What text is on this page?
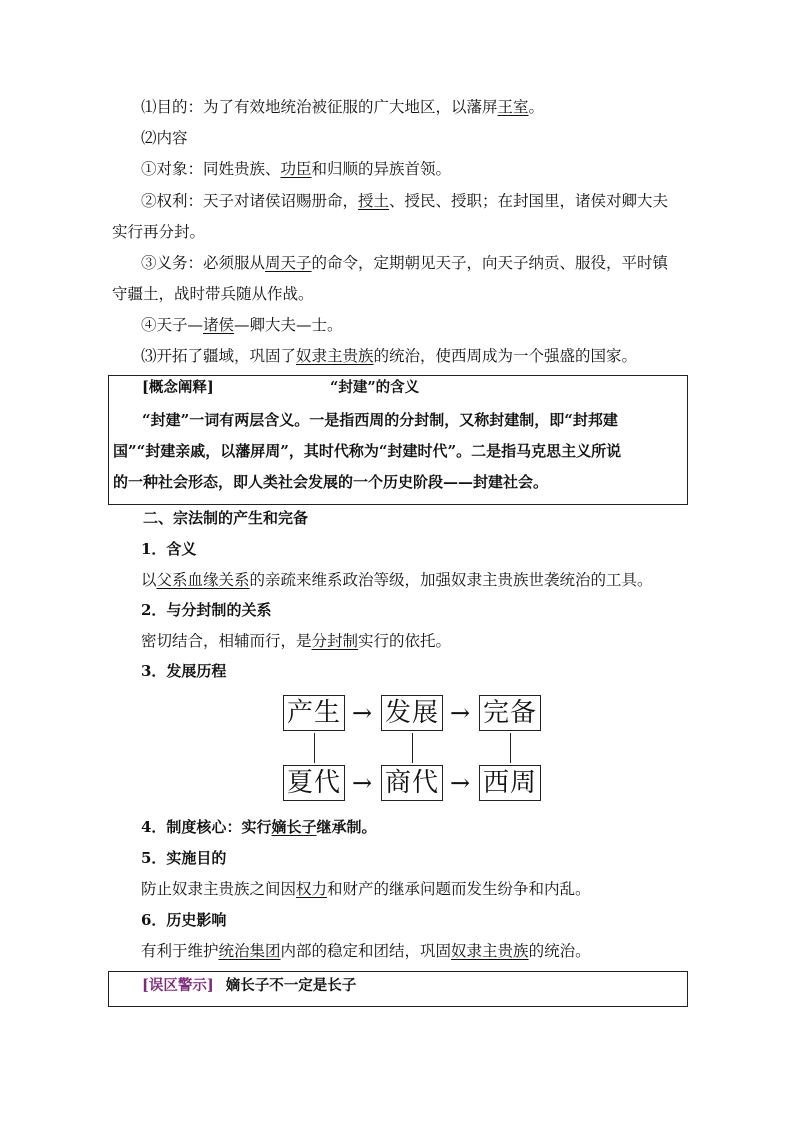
⑴目的：为了有效地统治被征服的广大地区，以藩屏王室。
⑵内容
①对象：同姓贵族、功臣和归顺的异族首领。
②权利：天子对诸侯诏赐册命，授土、授民、授职；在封国里，诸侯对卿大夫
实行再分封。
③义务：必须服从周天子的命令，定期朝见天子，向天子纳贡、服役，平时镇
守疆土，战时带兵随从作战。
④天子—诸侯—卿大夫—士。
⑶开拓了疆域，巩固了奴隶主贵族的统治，使西周成为一个强盛的国家。
[概念阐释]	“封建”的含义
“封建”一词有两层含义。一是指西周的分封制，又称封建制，即“封邦建
国”“封建亲戚，以藩屏周”，其时代称为“封建时代”。二是指马克思主义所说
的一种社会形态，即人类社会发展的一个历史阶段——封建社会。
二、宗法制的产生和完备
1．含义
以父系血缘关系的亲疏来维系政治等级，加强奴隶主贵族世袭统治的工具。
2．与分封制的关系
密切结合，相辅而行，是分封制实行的依托。
3．发展历程
产生 → 发展 → 完备
夏代 → 商代 → 西周
4．制度核心：实行嫡长子继承制。
5．实施目的
防止奴隶主贵族之间因权力和财产的继承问题而发生纷争和内乱。
6．历史影响
有利于维护统治集团内部的稳定和团结，巩固奴隶主贵族的统治。
[误区警示] 嫡长子不一定是长子
